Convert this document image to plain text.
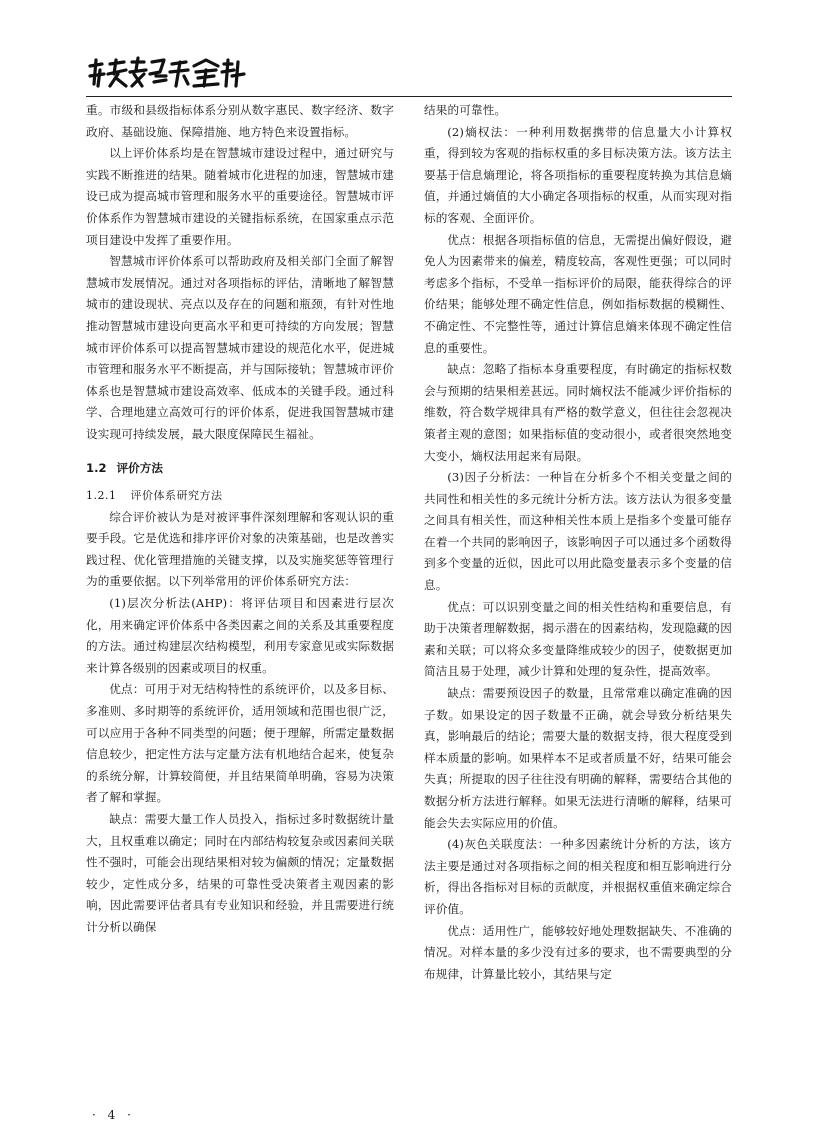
重。市级和县级指标体系分别从数字惠民、数字经济、数字政府、基础设施、保障措施、地方特色来设置指标。

以上评价体系均是在智慧城市建设过程中，通过研究与实践不断推进的结果。随着城市化进程的加速，智慧城市建设已成为提高城市管理和服务水平的重要途径。智慧城市评价体系作为智慧城市建设的关键指标系统，在国家重点示范项目建设中发挥了重要作用。

智慧城市评价体系可以帮助政府及相关部门全面了解智慧城市发展情况。通过对各项指标的评估，清晰地了解智慧城市的建设现状、亮点以及存在的问题和瓶颈，有针对性地推动智慧城市建设向更高水平和更可持续的方向发展；智慧城市评价体系可以提高智慧城市建设的规范化水平，促进城市管理和服务水平不断提高，并与国际接轨；智慧城市评价体系也是智慧城市建设高效率、低成本的关键手段。通过科学、合理地建立高效可行的评价体系，促进我国智慧城市建设实现可持续发展，最大限度保障民生福祉。

1.2 评价方法
1.2.1 评价体系研究方法

综合评价被认为是对被评事件深刻理解和客观认识的重要手段。它是优选和排序评价对象的决策基础，也是改善实践过程、优化管理措施的关键支撑，以及实施奖惩等管理行为的重要依据。以下列举常用的评价体系研究方法：

(1)层次分析法(AHP)：将评估项目和因素进行层次化，用来确定评价体系中各类因素之间的关系及其重要程度的方法。通过构建层次结构模型，利用专家意见或实际数据来计算各级别的因素或项目的权重。

优点：可用于对无结构特性的系统评价，以及多目标、多准则、多时期等的系统评价，适用领域和范围也很广泛，可以应用于各种不同类型的问题；便于理解，所需定量数据信息较少，把定性方法与定量方法有机地结合起来，使复杂的系统分解，计算较简便，并且结果简单明确，容易为决策者了解和掌握。

缺点：需要大量工作人员投入，指标过多时数据统计量大，且权重难以确定；同时在内部结构较复杂或因素间关联性不强时，可能会出现结果相对较为偏颇的情况；定量数据较少，定性成分多，结果的可靠性受决策者主观因素的影响，因此需要评估者具有专业知识和经验，并且需要进行统计分析以确保

结果的可靠性。

(2)熵权法：一种利用数据携带的信息量大小计算权重，得到较为客观的指标权重的多目标决策方法。该方法主要基于信息熵理论，将各项指标的重要程度转换为其信息熵值，并通过熵值的大小确定各项指标的权重，从而实现对指标的客观、全面评价。

优点：根据各项指标值的信息，无需提出偏好假设，避免人为因素带来的偏差，精度较高，客观性更强；可以同时考虑多个指标，不受单一指标评价的局限，能获得综合的评价结果；能够处理不确定性信息，例如指标数据的模糊性、不确定性、不完整性等，通过计算信息熵来体现不确定性信息的重要性。

缺点：忽略了指标本身重要程度，有时确定的指标权数会与预期的结果相差甚远。同时熵权法不能减少评价指标的维数，符合数学规律具有严格的数学意义，但往往会忽视决策者主观的意图；如果指标值的变动很小，或者很突然地变大变小，熵权法用起来有局限。

(3)因子分析法：一种旨在分析多个不相关变量之间的共同性和相关性的多元统计分析方法。该方法认为很多变量之间具有相关性，而这种相关性本质上是指多个变量可能存在着一个共同的影响因子，该影响因子可以通过多个函数得到多个变量的近似，因此可以用此隐变量表示多个变量的信息。

优点：可以识别变量之间的相关性结构和重要信息，有助于决策者理解数据，揭示潜在的因素结构，发现隐藏的因素和关联；可以将众多变量降维成较少的因子，使数据更加简洁且易于处理，减少计算和处理的复杂性，提高效率。

缺点：需要预设因子的数量，且常常难以确定准确的因子数。如果设定的因子数量不正确，就会导致分析结果失真，影响最后的结论；需要大量的数据支持，很大程度受到样本质量的影响。如果样本不足或者质量不好，结果可能会失真；所提取的因子往往没有明确的解释，需要结合其他的数据分析方法进行解释。如果无法进行清晰的解释，结果可能会失去实际应用的价值。

(4)灰色关联度法：一种多因素统计分析的方法，该方法主要是通过对各项指标之间的相关程度和相互影响进行分析，得出各指标对目标的贡献度，并根据权重值来确定综合评价值。

优点：适用性广，能够较好地处理数据缺失、不准确的情况。对样本量的多少没有过多的要求，也不需要典型的分布规律，计算量比较小，其结果与定

· 4 ·
